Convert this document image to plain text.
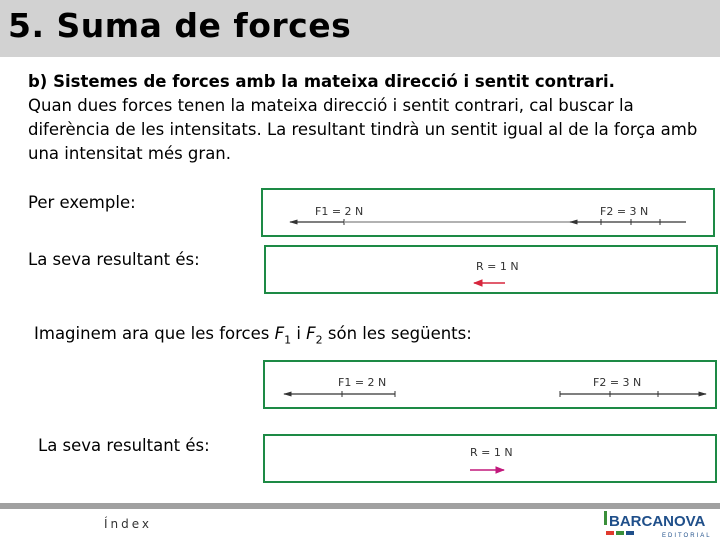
5. Suma de forces
b) Sistemes de forces amb la mateixa direcció i sentit contrari.
Quan dues forces tenen la mateixa direcció i sentit contrari, cal buscar la diferència de les intensitats. La resultant tindrà un sentit igual al de la força amb una intensitat més gran.
Per exemple:
La seva resultant és:
Imaginem ara que les forces $F_1$ i $F_2$ són les següents:
La seva resultant és:
F1 = 2 N	F2 = 3 N
R = 1 N
F1 = 2 N	F2 = 3 N
R = 1 N
Índex	BARCANOVA
EDITORIAL
